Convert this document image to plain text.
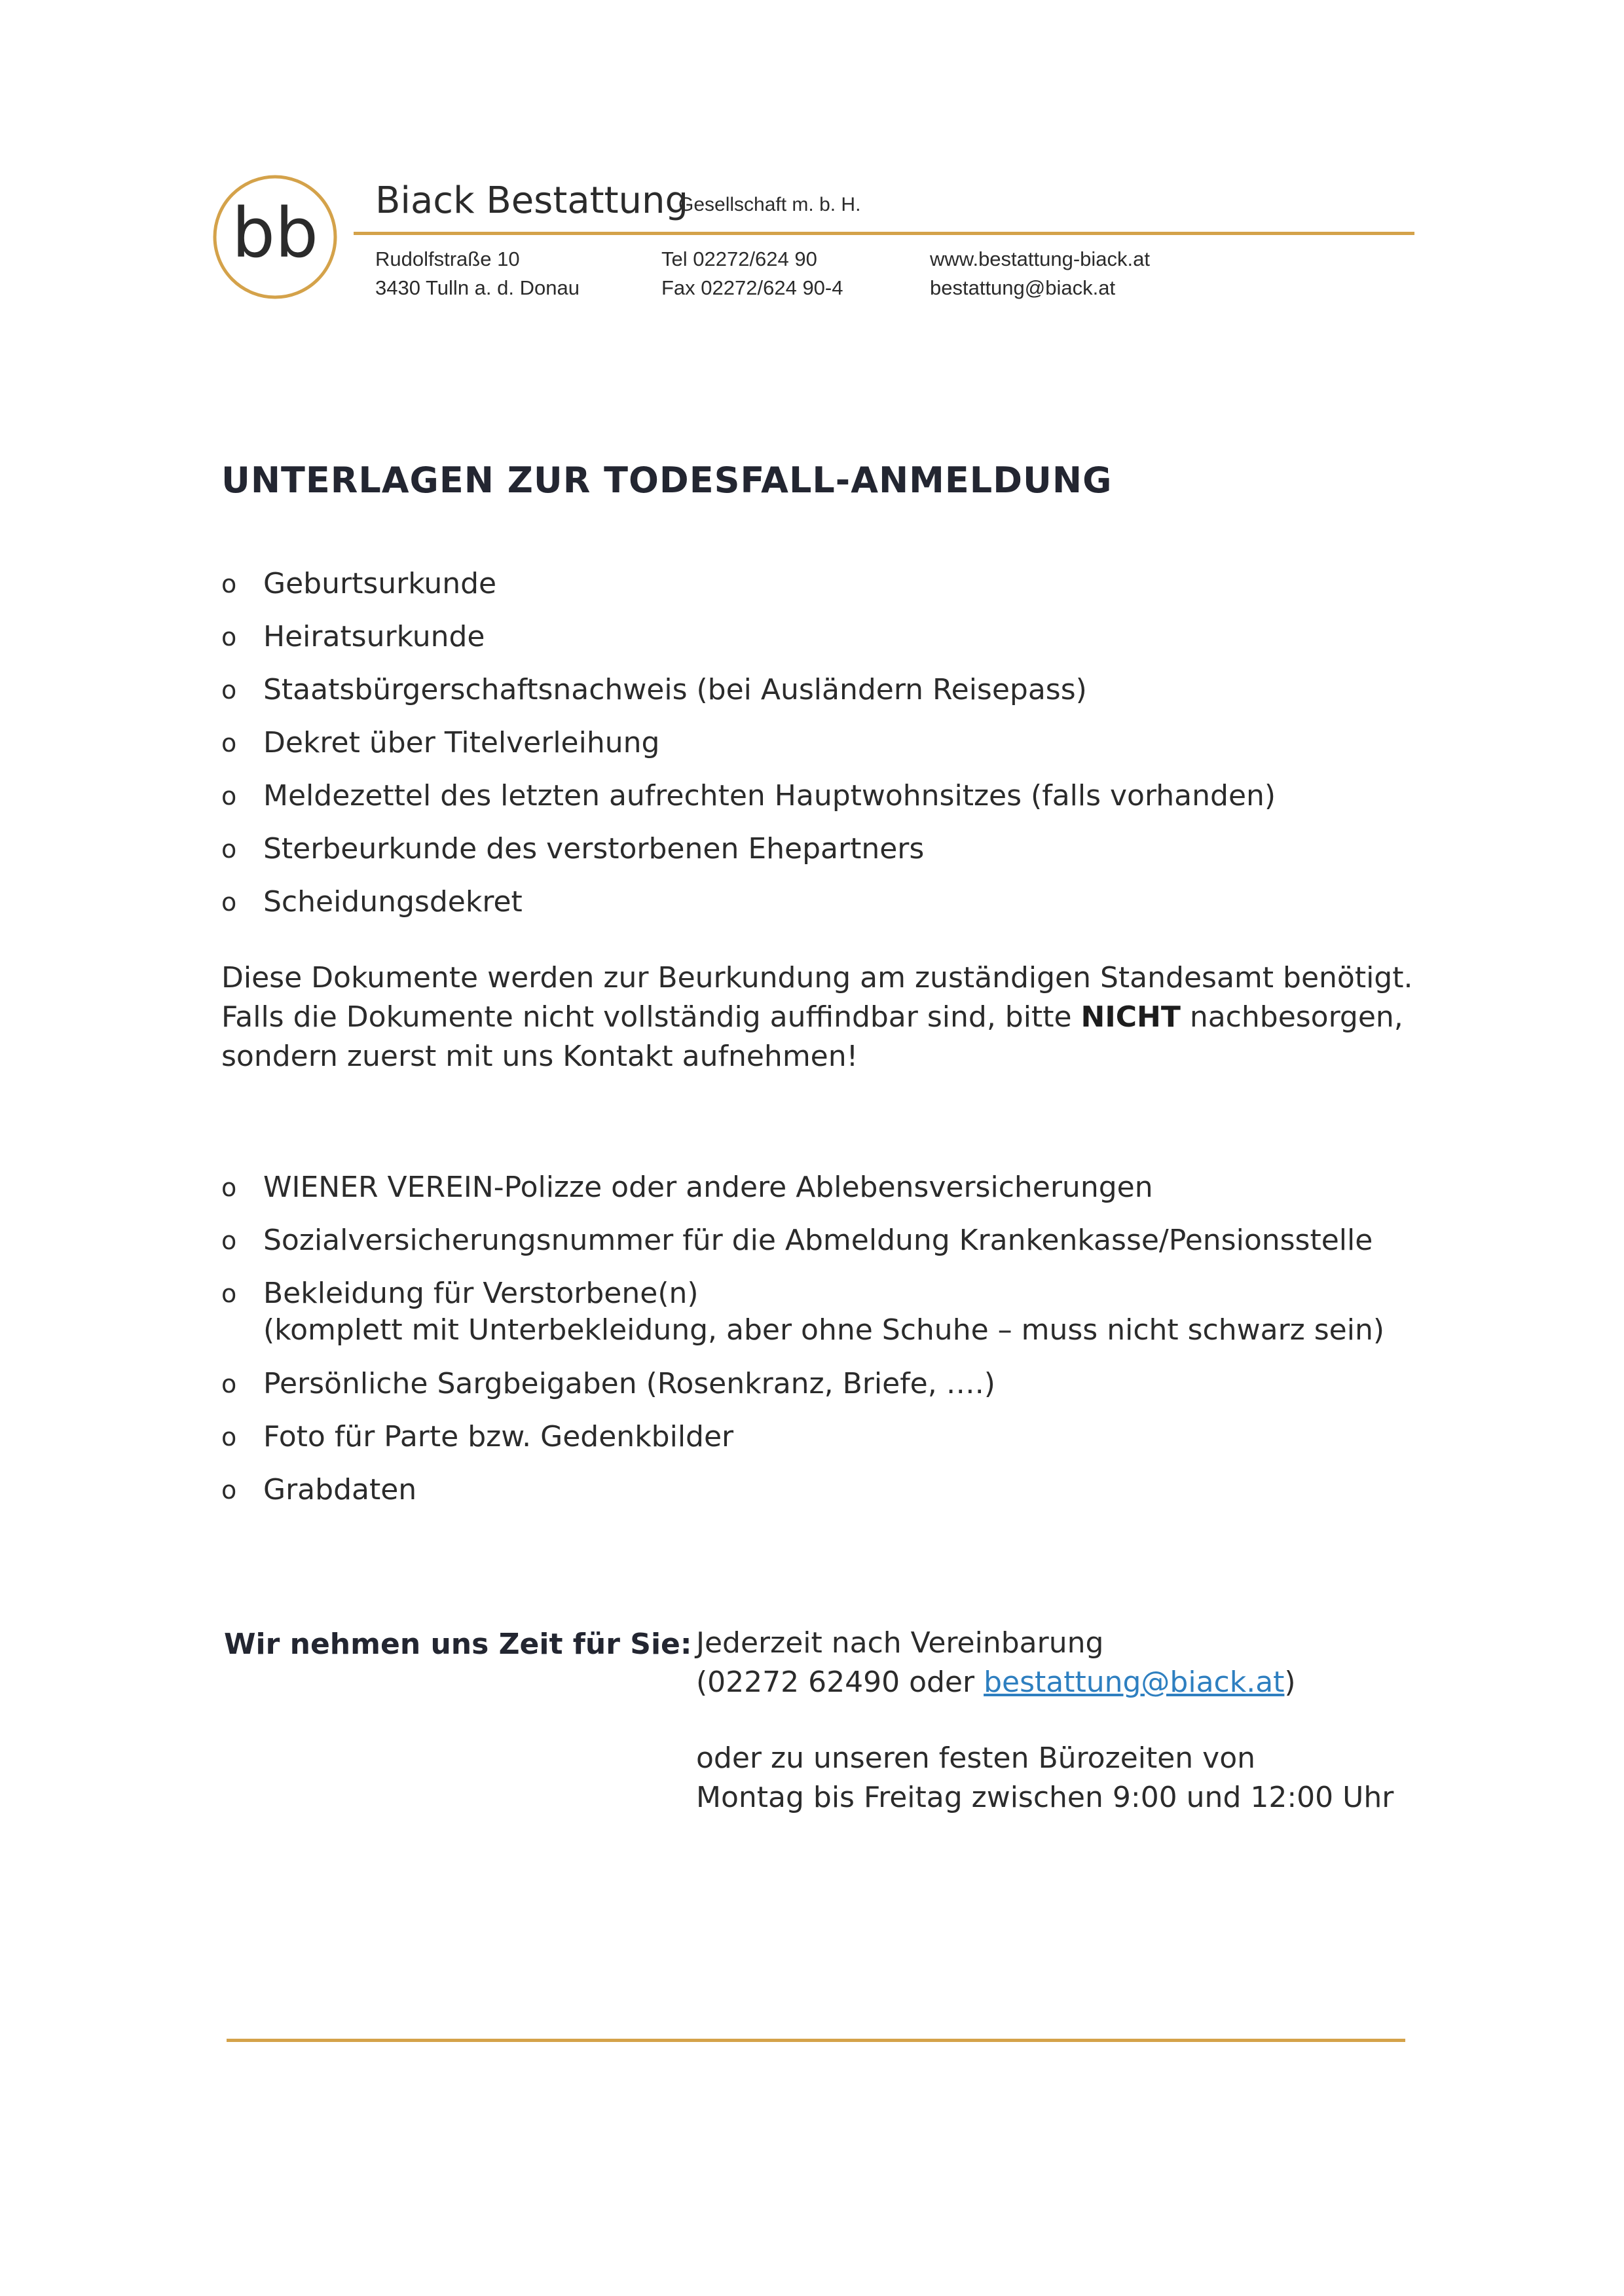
bb Biack Bestattung
Gesellschaft m. b. H.
Rudolfstraße 10
3430 Tulln a. d. Donau
Tel 02272/624 90
Fax 02272/624 90-4
www.bestattung-biack.at
bestattung@biack.at
UNTERLAGEN ZUR TODESFALL-ANMELDUNG
o Geburtsurkunde
o Heiratsurkunde
o Staatsbürgerschaftsnachweis (bei Ausländern Reisepass)
o Dekret über Titelverleihung
o Meldezettel des letzten aufrechten Hauptwohnsitzes (falls vorhanden)
o Sterbeurkunde des verstorbenen Ehepartners
o Scheidungsdekret
Diese Dokumente werden zur Beurkundung am zuständigen Standesamt benötigt.
Falls die Dokumente nicht vollständig auffindbar sind, bitte NICHT nachbesorgen,
sondern zuerst mit uns Kontakt aufnehmen!
o WIENER VEREIN-Polizze oder andere Ablebensversicherungen
o Sozialversicherungsnummer für die Abmeldung Krankenkasse/Pensionsstelle
o Bekleidung für Verstorbene(n)
(komplett mit Unterbekleidung, aber ohne Schuhe – muss nicht schwarz sein)
o Persönliche Sargbeigaben (Rosenkranz, Briefe, ….)
o Foto für Parte bzw. Gedenkbilder
o Grabdaten
Wir nehmen uns Zeit für Sie: Jederzeit nach Vereinbarung
(02272 62490 oder bestattung@biack.at)
oder zu unseren festen Bürozeiten von
Montag bis Freitag zwischen 9:00 und 12:00 Uhr
